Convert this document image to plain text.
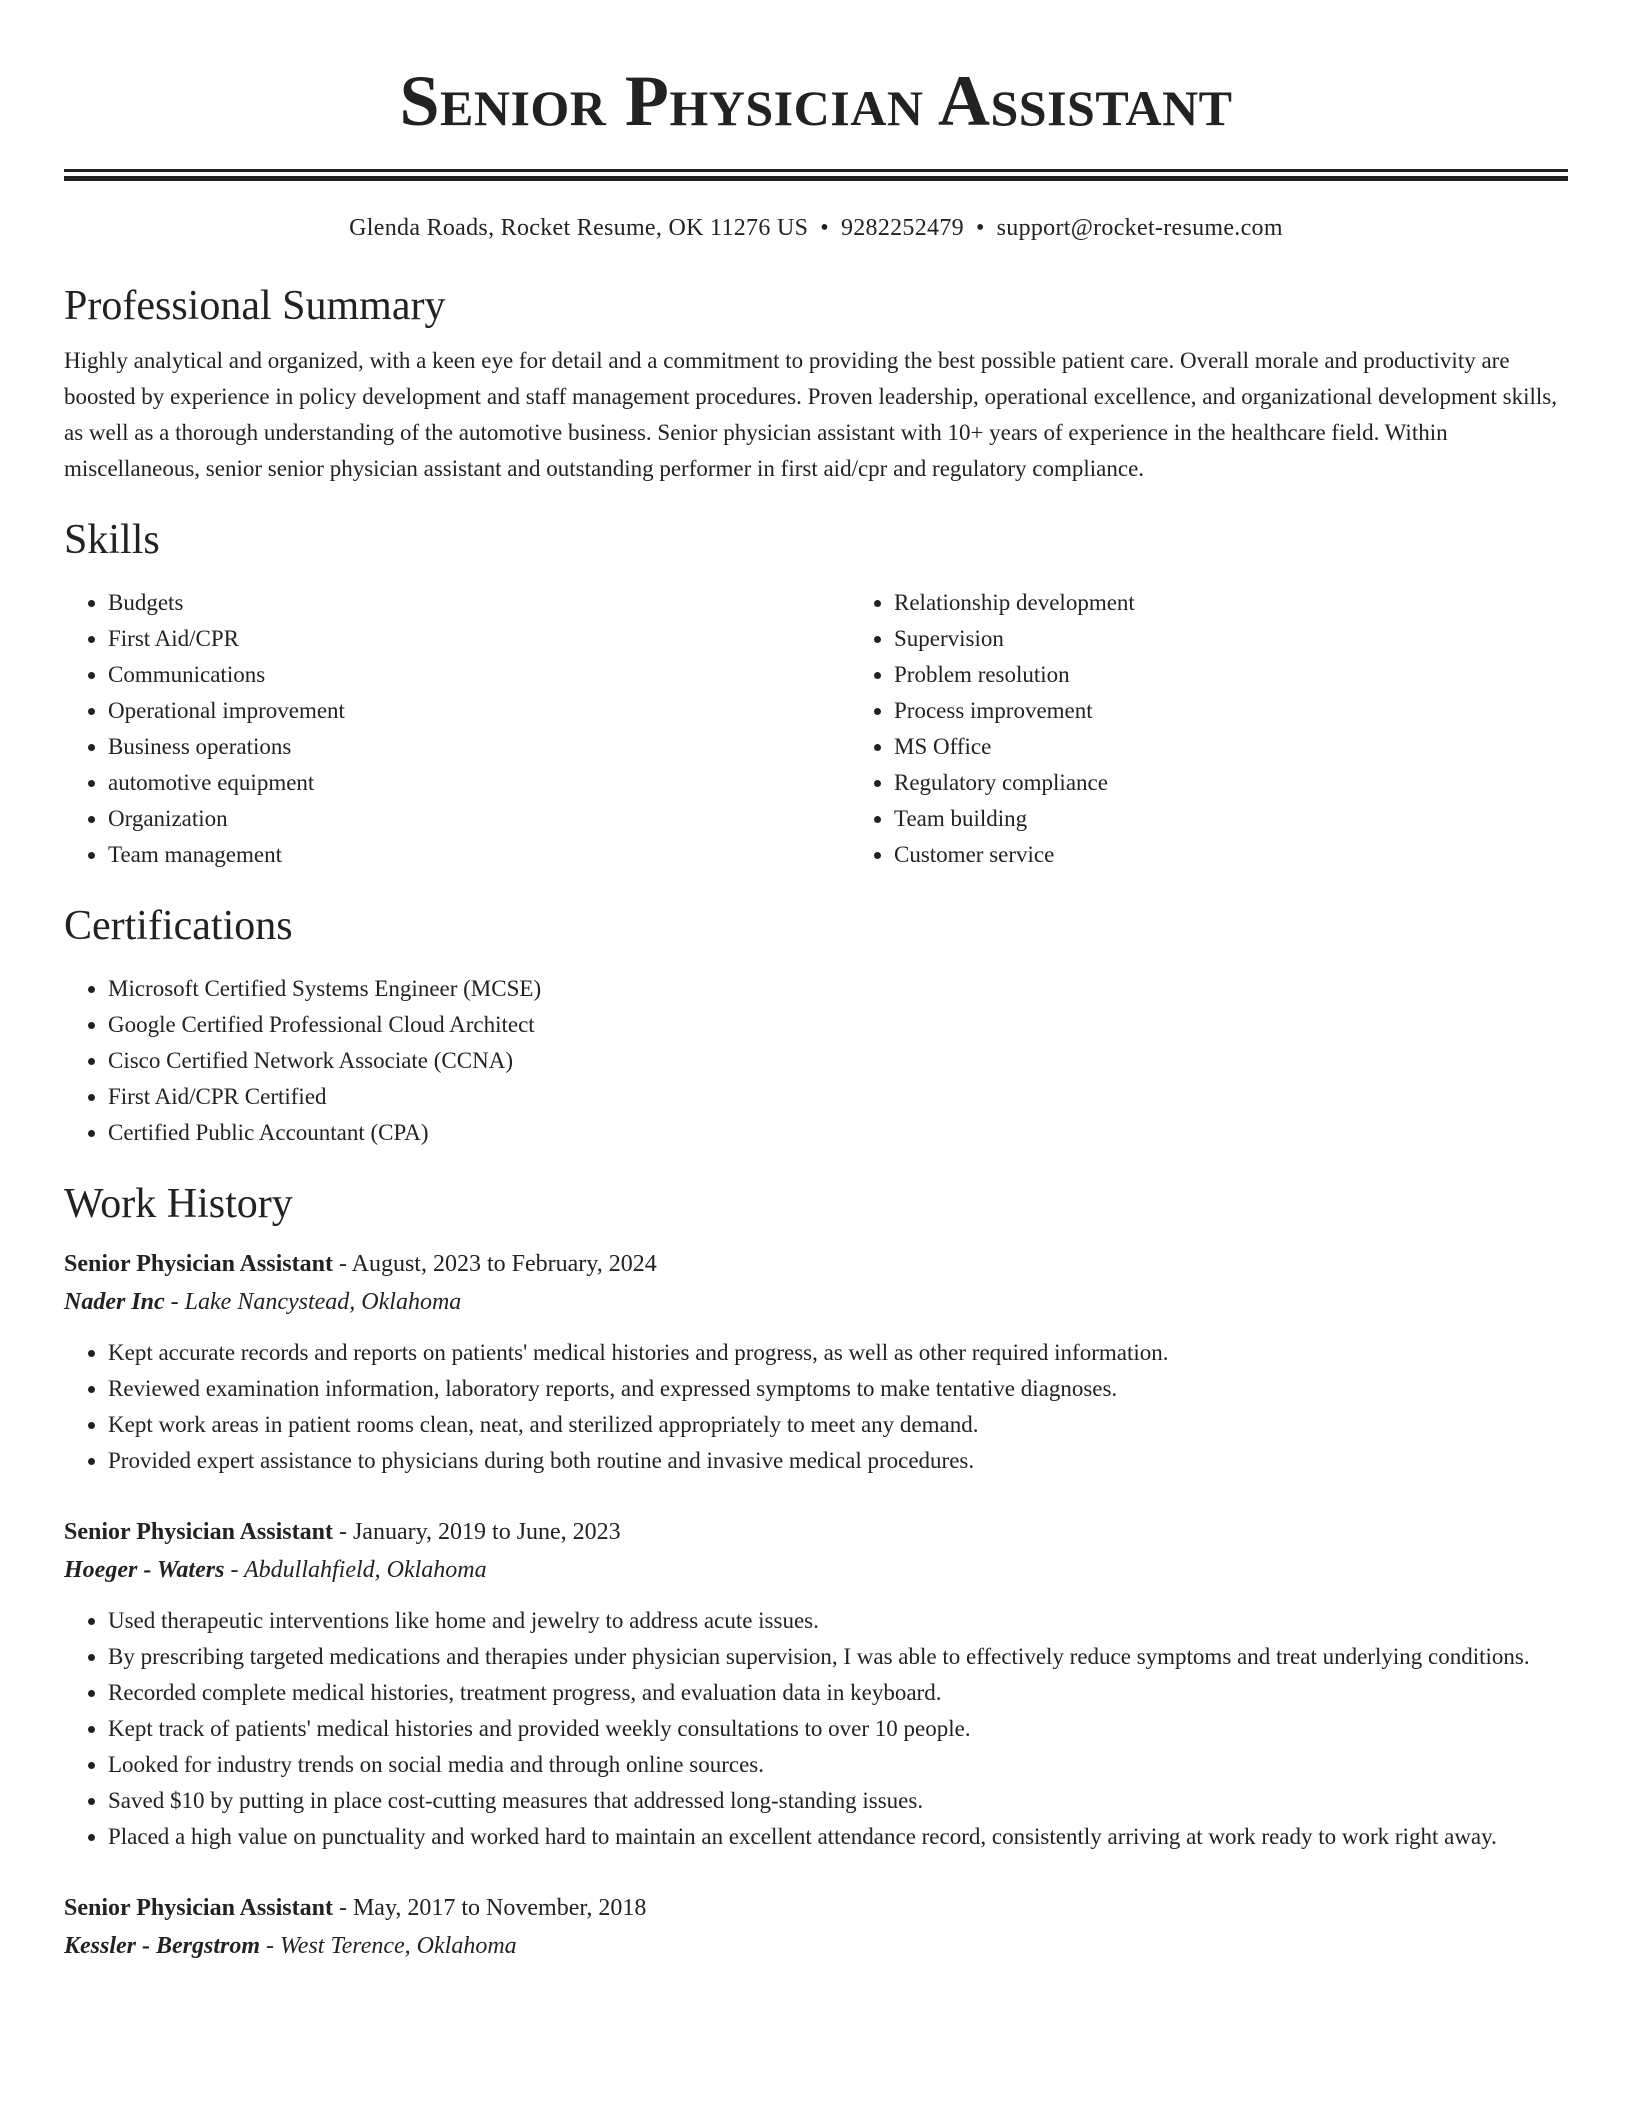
Senior Physician Assistant
Glenda Roads, Rocket Resume, OK 11276 US • 9282252479 • support@rocket-resume.com
Professional Summary

Highly analytical and organized, with a keen eye for detail and a commitment to providing the best possible patient care. Overall morale and productivity are boosted by experience in policy development and staff management procedures. Proven leadership, operational excellence, and organizational development skills, as well as a thorough understanding of the automotive business. Senior physician assistant with 10+ years of experience in the healthcare field. Within miscellaneous, senior senior physician assistant and outstanding performer in first aid/cpr and regulatory compliance.

Skills
• Budgets
• First Aid/CPR
• Communications
• Operational improvement
• Business operations
• automotive equipment
• Organization
• Team management
• Relationship development
• Supervision
• Problem resolution
• Process improvement
• MS Office
• Regulatory compliance
• Team building
• Customer service
Certifications
• Microsoft Certified Systems Engineer (MCSE)
• Google Certified Professional Cloud Architect
• Cisco Certified Network Associate (CCNA)
• First Aid/CPR Certified
• Certified Public Accountant (CPA)
Work History
Senior Physician Assistant - August, 2023 to February, 2024
Nader Inc - Lake Nancystead, Oklahoma
• Kept accurate records and reports on patients' medical histories and progress, as well as other required information.
• Reviewed examination information, laboratory reports, and expressed symptoms to make tentative diagnoses.
• Kept work areas in patient rooms clean, neat, and sterilized appropriately to meet any demand.
• Provided expert assistance to physicians during both routine and invasive medical procedures.
Senior Physician Assistant - January, 2019 to June, 2023
Hoeger - Waters - Abdullahfield, Oklahoma
• Used therapeutic interventions like home and jewelry to address acute issues.
• By prescribing targeted medications and therapies under physician supervision, I was able to effectively reduce symptoms and treat underlying conditions.
• Recorded complete medical histories, treatment progress, and evaluation data in keyboard.
• Kept track of patients' medical histories and provided weekly consultations to over 10 people.
• Looked for industry trends on social media and through online sources.
• Saved $10 by putting in place cost-cutting measures that addressed long-standing issues.
• Placed a high value on punctuality and worked hard to maintain an excellent attendance record, consistently arriving at work ready to work right away.
Senior Physician Assistant - May, 2017 to November, 2018
Kessler - Bergstrom - West Terence, Oklahoma
